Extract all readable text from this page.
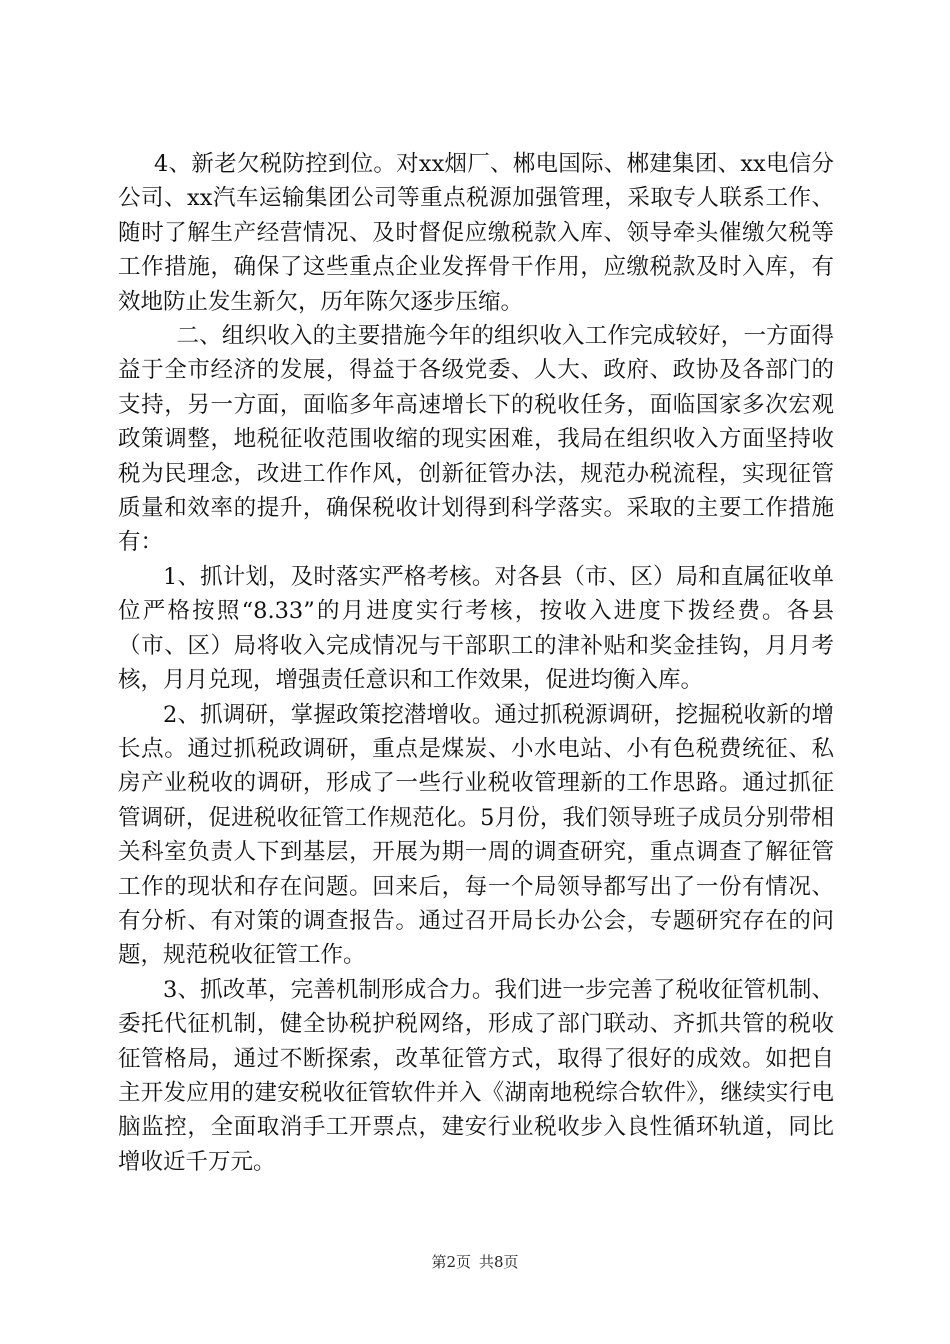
4、新老欠税防控到位。对xx烟厂、郴电国际、郴建集团、xx电信分公司、xx汽车运输集团公司等重点税源加强管理，采取专人联系工作、随时了解生产经营情况、及时督促应缴税款入库、领导牵头催缴欠税等工作措施，确保了这些重点企业发挥骨干作用，应缴税款及时入库，有效地防止发生新欠，历年陈欠逐步压缩。

二、组织收入的主要措施今年的组织收入工作完成较好，一方面得益于全市经济的发展，得益于各级党委、人大、政府、政协及各部门的支持，另一方面，面临多年高速增长下的税收任务，面临国家多次宏观政策调整，地税征收范围收缩的现实困难，我局在组织收入方面坚持收税为民理念，改进工作作风，创新征管办法，规范办税流程，实现征管质量和效率的提升，确保税收计划得到科学落实。采取的主要工作措施有：

1、抓计划，及时落实严格考核。对各县（市、区）局和直属征收单位严格按照“8.33”的月进度实行考核，按收入进度下拨经费。各县（市、区）局将收入完成情况与干部职工的津补贴和奖金挂钩，月月考核，月月兑现，增强责任意识和工作效果，促进均衡入库。

2、抓调研，掌握政策挖潜增收。通过抓税源调研，挖掘税收新的增长点。通过抓税政调研，重点是煤炭、小水电站、小有色税费统征、私房产业税收的调研，形成了一些行业税收管理新的工作思路。通过抓征管调研，促进税收征管工作规范化。5月份，我们领导班子成员分别带相关科室负责人下到基层，开展为期一周的调查研究，重点调查了解征管工作的现状和存在问题。回来后，每一个局领导都写出了一份有情况、有分析、有对策的调查报告。通过召开局长办公会，专题研究存在的问题，规范税收征管工作。

3、抓改革，完善机制形成合力。我们进一步完善了税收征管机制、委托代征机制，健全协税护税网络，形成了部门联动、齐抓共管的税收征管格局，通过不断探索，改革征管方式，取得了很好的成效。如把自主开发应用的建安税收征管软件并入《湖南地税综合软件》，继续实行电脑监控，全面取消手工开票点，建安行业税收步入良性循环轨道，同比增收近千万元。

第2页 共8页
